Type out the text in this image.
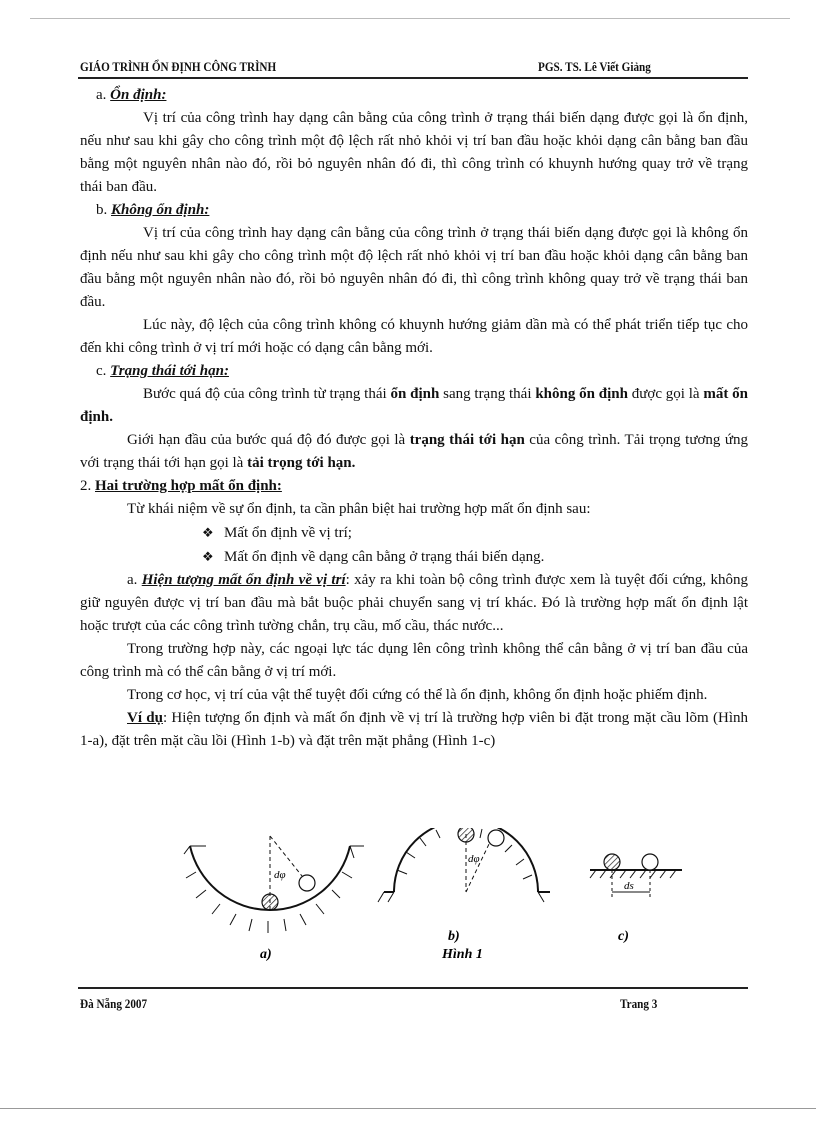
GIÁO TRÌNH ỔN ĐỊNH CÔNG TRÌNH	PGS. TS. Lê Viết Giảng
a. Ổn định:

Vị trí của công trình hay dạng cân bằng của công trình ở trạng thái biến dạng được gọi là ổn định, nếu như sau khi gây cho công trình một độ lệch rất nhỏ khỏi vị trí ban đầu hoặc khỏi dạng cân bằng ban đầu bằng một nguyên nhân nào đó, rồi bỏ nguyên nhân đó đi, thì công trình có khuynh hướng quay trở về trạng thái ban đầu.

b. Không ổn định:

Vị trí của công trình hay dạng cân bằng của công trình ở trạng thái biến dạng được gọi là không ổn định nếu như sau khi gây cho công trình một độ lệch rất nhỏ khỏi vị trí ban đầu hoặc khỏi dạng cân bằng ban đầu bằng một nguyên nhân nào đó, rồi bỏ nguyên nhân đó đi, thì công trình không quay trở về trạng thái ban đầu.

Lúc này, độ lệch của công trình không có khuynh hướng giảm dần mà có thể phát triển tiếp tục cho đến khi công trình ở vị trí mới hoặc có dạng cân bằng mới.

c. Trạng thái tới hạn:

Bước quá độ của công trình từ trạng thái ổn định sang trạng thái không ổn định được gọi là mất ổn định.

Giới hạn đầu của bước quá độ đó được gọi là trạng thái tới hạn của công trình. Tải trọng tương ứng với trạng thái tới hạn gọi là tải trọng tới hạn.

2. Hai trường hợp mất ổn định:

Từ khái niệm về sự ổn định, ta cần phân biệt hai trường hợp mất ổn định sau:

❖ Mất ổn định về vị trí;
❖ Mất ổn định về dạng cân bằng ở trạng thái biến dạng.

a. Hiện tượng mất ổn định về vị trí: xảy ra khi toàn bộ công trình được xem là tuyệt đối cứng, không giữ nguyên được vị trí ban đầu mà bắt buộc phải chuyển sang vị trí khác. Đó là trường hợp mất ổn định lật hoặc trượt của các công trình tường chắn, trụ cầu, mố cầu, thác nước...

Trong trường hợp này, các ngoại lực tác dụng lên công trình không thể cân bằng ở vị trí ban đầu của công trình mà có thể cân bằng ở vị trí mới.

Trong cơ học, vị trí của vật thể tuyệt đối cứng có thể là ổn định, không ổn định hoặc phiếm định.

Ví dụ: Hiện tượng ổn định và mất ổn định về vị trí là trường hợp viên bi đặt trong mặt cầu lõm (Hình 1-a), đặt trên mặt cầu lồi (Hình 1-b) và đặt trên mặt phẳng (Hình 1-c)

dφ
a)
dφ
b)
Hình 1
ds
c)
Đà Nẵng 2007	Trang 3
